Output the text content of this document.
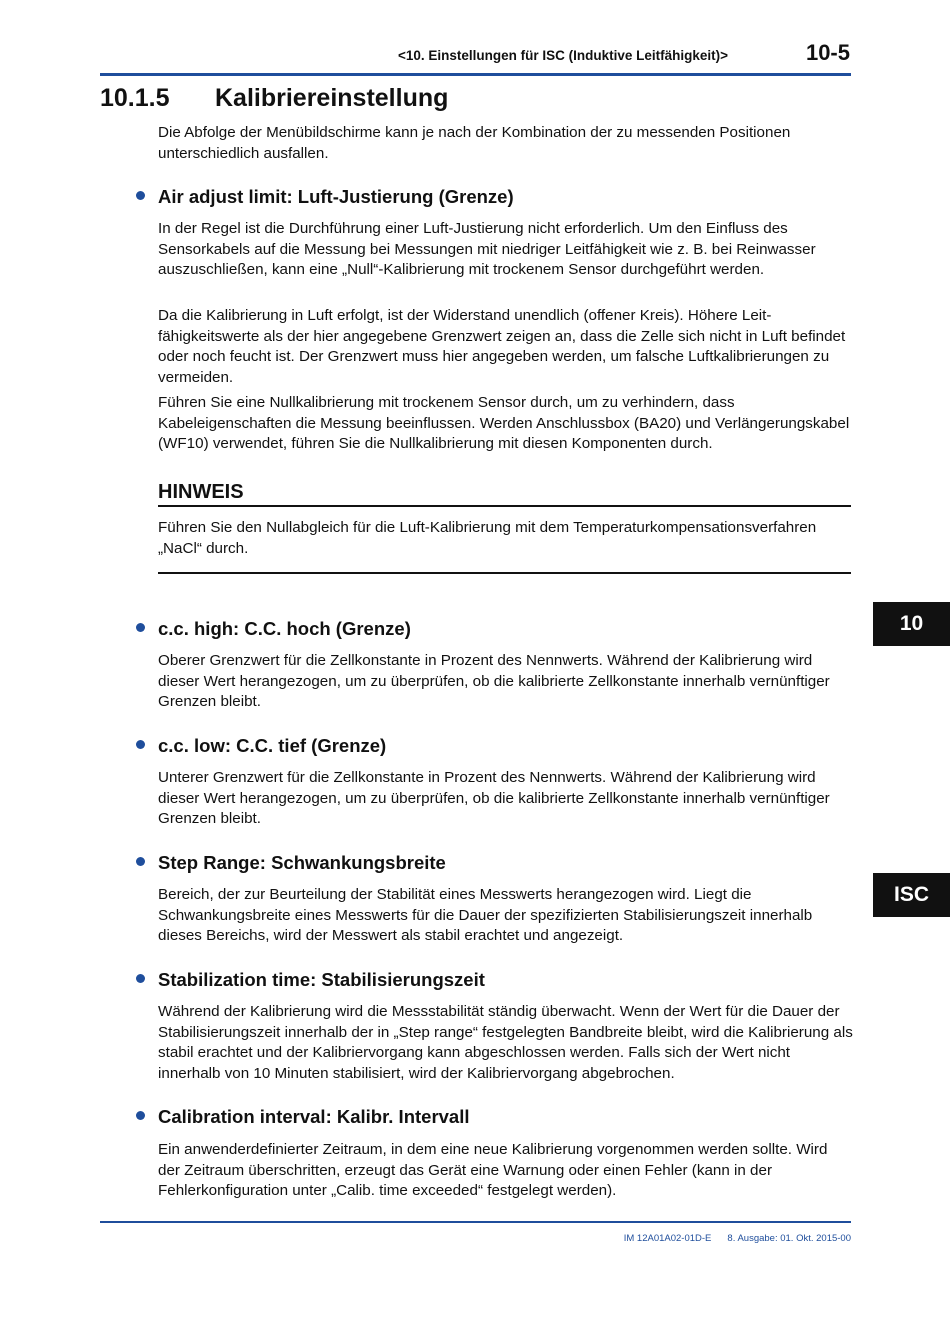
<10. Einstellungen für ISC (Induktive Leitfähigkeit)>	10-5
10.1.5 Kalibriereinstellung

Die Abfolge der Menübildschirme kann je nach der Kombination der zu messenden Positionen unterschiedlich ausfallen.

Air adjust limit: Luft-Justierung (Grenze)

In der Regel ist die Durchführung einer Luft-Justierung nicht erforderlich. Um den Einfluss des Sensorkabels auf die Messung bei Messungen mit niedriger Leitfähigkeit wie z. B. bei Reinwasser auszuschließen, kann eine „Null“-Kalibrierung mit trockenem Sensor durchgeführt werden.

Da die Kalibrierung in Luft erfolgt, ist der Widerstand unendlich (offener Kreis). Höhere Leitfähigkeitswerte als der hier angegebene Grenzwert zeigen an, dass die Zelle sich nicht in Luft befindet oder noch feucht ist. Der Grenzwert muss hier angegeben werden, um falsche Luftkalibrierungen zu vermeiden.

Führen Sie eine Nullkalibrierung mit trockenem Sensor durch, um zu verhindern, dass Kabeleigenschaften die Messung beeinflussen. Werden Anschlussbox (BA20) und Verlängerungskabel (WF10) verwendet, führen Sie die Nullkalibrierung mit diesen Komponenten durch.

HINWEIS

Führen Sie den Nullabgleich für die Luft-Kalibrierung mit dem Temperaturkompensationsverfahren „NaCl“ durch.

c.c. high: C.C. hoch (Grenze)

Oberer Grenzwert für die Zellkonstante in Prozent des Nennwerts. Während der Kalibrierung wird dieser Wert herangezogen, um zu überprüfen, ob die kalibrierte Zellkonstante innerhalb vernünftiger Grenzen bleibt.

c.c. low: C.C. tief (Grenze)

Unterer Grenzwert für die Zellkonstante in Prozent des Nennwerts. Während der Kalibrierung wird dieser Wert herangezogen, um zu überprüfen, ob die kalibrierte Zellkonstante innerhalb vernünftiger Grenzen bleibt.

Step Range: Schwankungsbreite

Bereich, der zur Beurteilung der Stabilität eines Messwerts herangezogen wird. Liegt die Schwankungsbreite eines Messwerts für die Dauer der spezifizierten Stabilisierungszeit innerhalb dieses Bereichs, wird der Messwert als stabil erachtet und angezeigt.

Stabilization time: Stabilisierungszeit

Während der Kalibrierung wird die Messstabilität ständig überwacht. Wenn der Wert für die Dauer der Stabilisierungszeit innerhalb der in „Step range“ festgelegten Bandbreite bleibt, wird die Kalibrierung als stabil erachtet und der Kalibriervorgang kann abgeschlossen werden. Falls sich der Wert nicht innerhalb von 10 Minuten stabilisiert, wird der Kalibriervorgang abgebrochen.

Calibration interval: Kalibr. Intervall

Ein anwenderdefinierter Zeitraum, in dem eine neue Kalibrierung vorgenommen werden sollte. Wird der Zeitraum überschritten, erzeugt das Gerät eine Warnung oder einen Fehler (kann in der Fehlerkonfiguration unter „Calib. time exceeded“ festgelegt werden).

10
ISC
IM 12A01A02-01D-E 8. Ausgabe: 01. Okt. 2015-00
